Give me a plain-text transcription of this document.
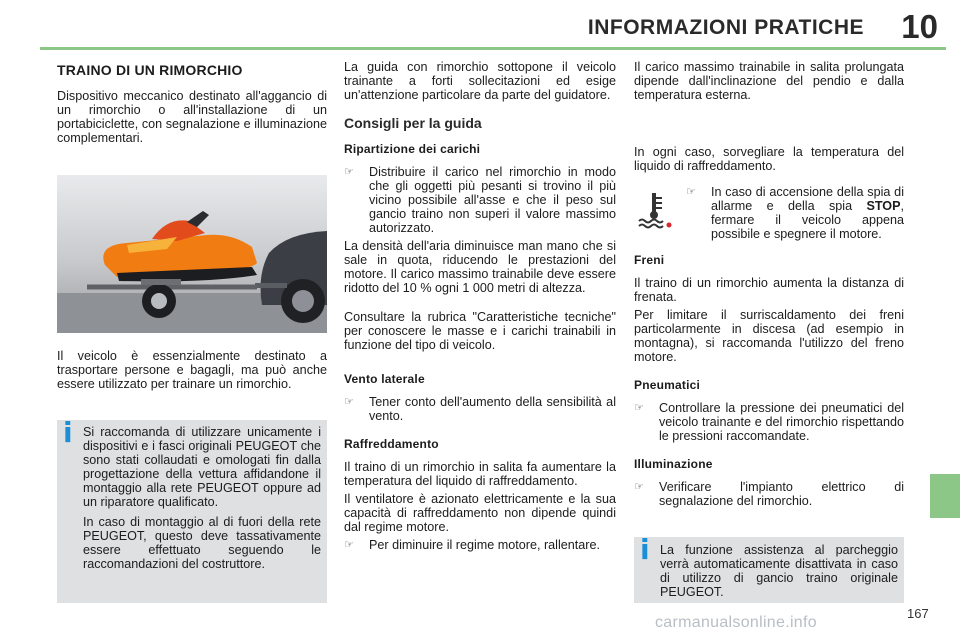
INFORMAZIONI PRATICHE 10
TRAINO DI UN RIMORCHIO

Dispositivo meccanico destinato all'aggancio di un rimorchio o all'installazione di un portabiciclette, con segnalazione e illuminazione complementari.

Il veicolo è essenzialmente destinato a trasportare persone e bagagli, ma può anche essere utilizzato per trainare un rimorchio.

i Si raccomanda di utilizzare unicamente i dispositivi e i fasci originali PEUGEOT che sono stati collaudati e omologati fin dalla progettazione della vettura affidandone il montaggio alla rete PEUGEOT oppure ad un riparatore qualificato.

In caso di montaggio al di fuori della rete PEUGEOT, questo deve tassativamente essere effettuato seguendo le raccomandazioni del costruttore.

La guida con rimorchio sottopone il veicolo trainante a forti sollecitazioni ed esige un'attenzione particolare da parte del guidatore.

Consigli per la guida
Ripartizione dei carichi
☞ Distribuire il carico nel rimorchio in modo che gli oggetti più pesanti si trovino il più vicino possibile all'asse e che il peso sul gancio traino non superi il valore massimo autorizzato.

La densità dell'aria diminuisce man mano che si sale in quota, riducendo le prestazioni del motore. Il carico massimo trainabile deve essere ridotto del 10 % ogni 1 000 metri di altezza.

Consultare la rubrica "Caratteristiche tecniche" per conoscere le masse e i carichi trainabili in funzione del tipo di veicolo.

Vento laterale
☞ Tener conto dell'aumento della sensibilità al vento.
Raffreddamento

Il traino di un rimorchio in salita fa aumentare la temperatura del liquido di raffreddamento.

Il ventilatore è azionato elettricamente e la sua capacità di raffreddamento non dipende quindi dal regime motore.

☞ Per diminuire il regime motore, rallentare.

Il carico massimo trainabile in salita prolungata dipende dall'inclinazione del pendio e dalla temperatura esterna.

In ogni caso, sorvegliare la temperatura del liquido di raffreddamento.

☞ In caso di accensione della spia di allarme e della spia STOP, fermare il veicolo appena possibile e spegnere il motore.
Freni

Il traino di un rimorchio aumenta la distanza di frenata.

Per limitare il surriscaldamento dei freni particolarmente in discesa (ad esempio in montagna), si raccomanda l'utilizzo del freno motore.

Pneumatici
☞ Controllare la pressione dei pneumatici del veicolo trainante e del rimorchio rispettando le pressioni raccomandate.
Illuminazione
☞ Verificare l'impianto elettrico di segnalazione del rimorchio.
i La funzione assistenza al parcheggio verrà automaticamente disattivata in caso di utilizzo di gancio traino originale PEUGEOT.

167
carmanualsonline.info
